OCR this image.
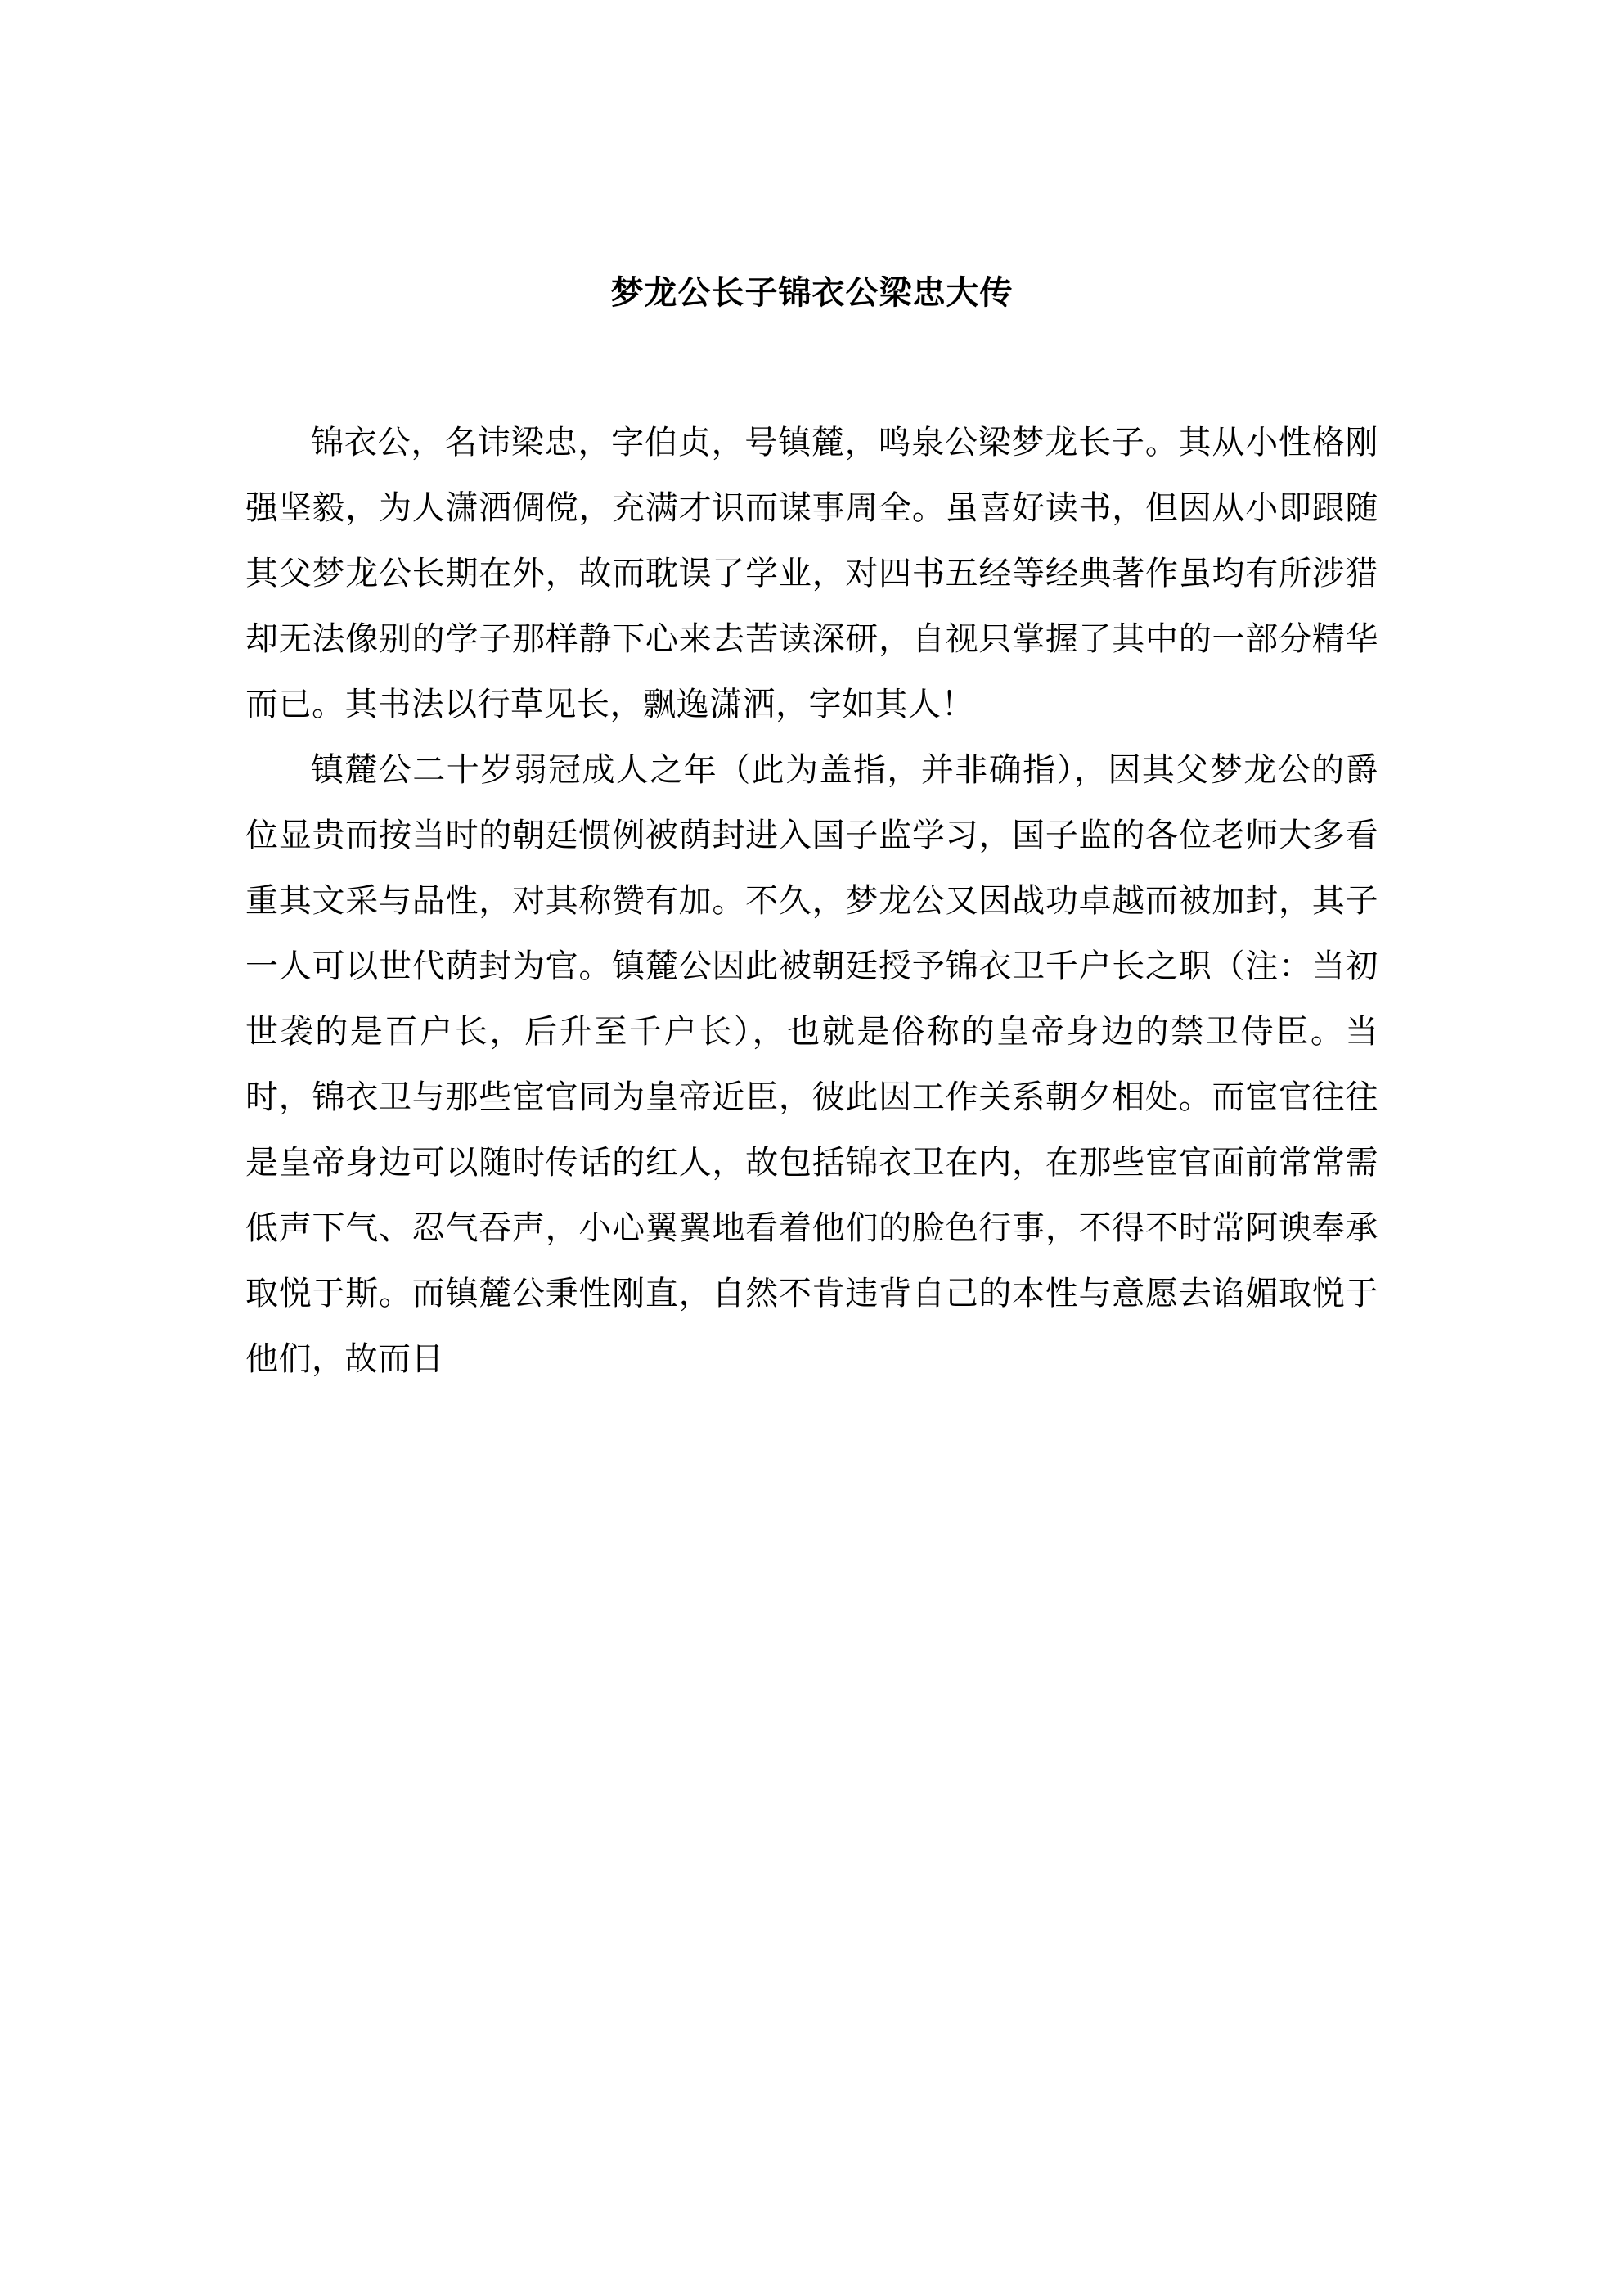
梦龙公长子锦衣公梁忠大传

锦衣公，名讳梁忠，字伯贞，号镇麓，鸣泉公梁梦龙长子。其从小性格刚强坚毅，为人潇洒倜傥，充满才识而谋事周全。虽喜好读书，但因从小即跟随其父梦龙公长期在外，故而耽误了学业，对四书五经等经典著作虽均有所涉猎却无法像别的学子那样静下心来去苦读深研，自视只掌握了其中的一部分精华而已。其书法以行草见长，飘逸潇洒，字如其人！

镇麓公二十岁弱冠成人之年（此为盖指，并非确指），因其父梦龙公的爵位显贵而按当时的朝廷惯例被荫封进入国子监学习，国子监的各位老师大多看重其文采与品性，对其称赞有加。不久，梦龙公又因战功卓越而被加封，其子一人可以世代荫封为官。镇麓公因此被朝廷授予锦衣卫千户长之职（注：当初世袭的是百户长，后升至千户长），也就是俗称的皇帝身边的禁卫侍臣。当时，锦衣卫与那些宦官同为皇帝近臣，彼此因工作关系朝夕相处。而宦官往往是皇帝身边可以随时传话的红人，故包括锦衣卫在内，在那些宦官面前常常需低声下气、忍气吞声，小心翼翼地看着他们的脸色行事，不得不时常阿谀奉承取悦于斯。而镇麓公秉性刚直，自然不肯违背自己的本性与意愿去谄媚取悦于他们，故而日
